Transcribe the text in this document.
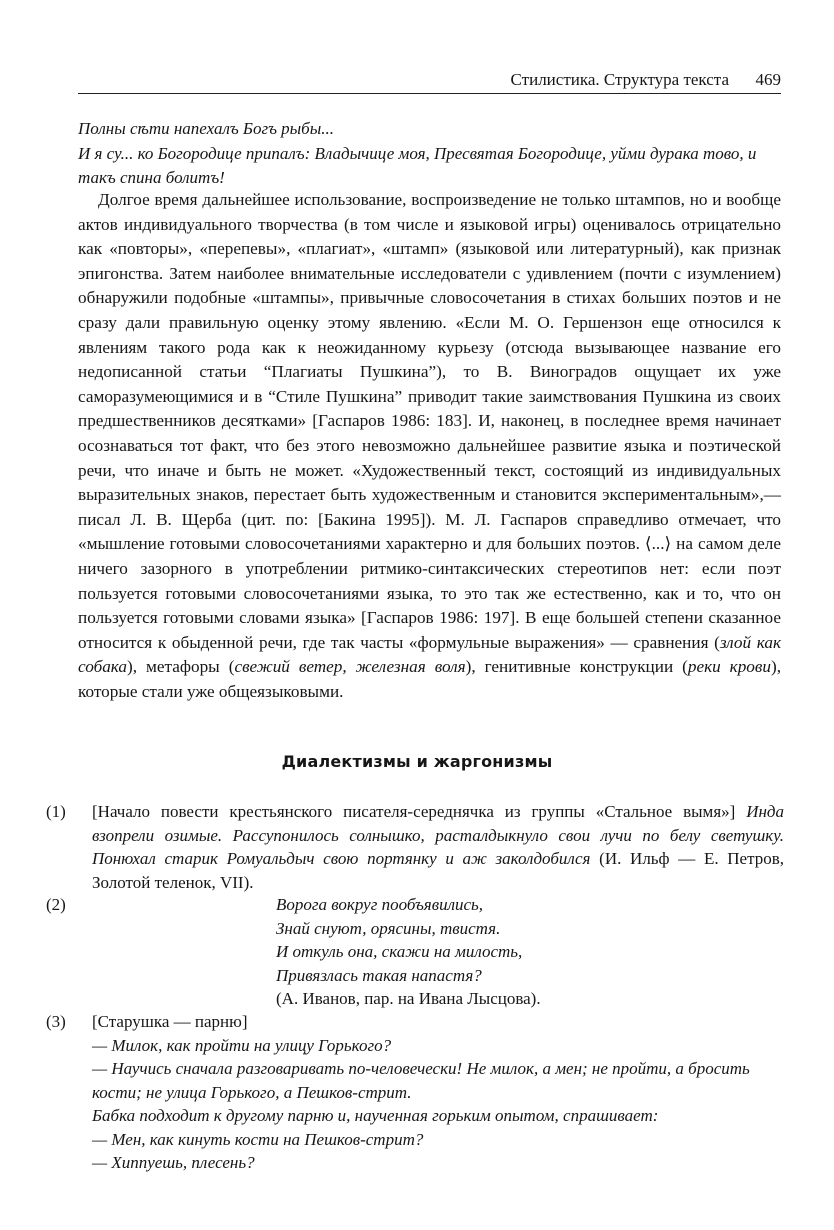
Стилистика. Структура текста 469

Полны сѣти напехалъ Богъ рыбы...

И я су... ко Богородице припалъ: Владычице моя, Пресвятая Богородице, уйми дурака тово, и такъ спина болитъ!

Долгое время дальнейшее использование, воспроизведение не только штампов, но и вообще актов индивидуального творчества (в том числе и языковой игры) оценивалось отрицательно как «повторы», «перепевы», «плагиат», «штамп» (языковой или литературный), как признак эпигонства. Затем наиболее внимательные исследователи с удивлением (почти с изумлением) обнаружили подобные «штампы», привычные словосочетания в стихах больших поэтов и не сразу дали правильную оценку этому явлению. «Если М. О. Гершензон еще относился к явлениям такого рода как к неожиданному курьезу (отсюда вызывающее название его недописанной статьи “Плагиаты Пушкина”), то В. Виноградов ощущает их уже саморазумеющимися и в “Стиле Пушкина” приводит такие заимствования Пушкина из своих предшественников десятками» [Гаспаров 1986: 183]. И, наконец, в последнее время начинает осознаваться тот факт, что без этого невозможно дальнейшее развитие языка и поэтической речи, что иначе и быть не может. «Художественный текст, состоящий из индивидуальных выразительных знаков, перестает быть художественным и становится экспериментальным»,— писал Л. В. Щерба (цит. по: [Бакина 1995]). М. Л. Гаспаров справедливо отмечает, что «мышление готовыми словосочетаниями характерно и для больших поэтов. ⟨...⟩ на самом деле ничего зазорного в употреблении ритмико-синтаксических стереотипов нет: если поэт пользуется готовыми словосочетаниями языка, то это так же естественно, как и то, что он пользуется готовыми словами языка» [Гаспаров 1986: 197]. В еще большей степени сказанное относится к обыденной речи, где так часты «формульные выражения» — сравнения (злой как собака), метафоры (свежий ветер, железная воля), генитивные конструкции (реки крови), которые стали уже общеязыковыми.

Диалектизмы и жаргонизмы
(1)	[Начало повести крестьянского писателя-середнячка из группы «Стальное вымя»] Инда взопрели озимые. Рассупонилось солнышко, расталдыкнуло свои лучи по белу светушку. Понюхал старик Ромуальдыч свою портянку и аж заколдобился (И. Ильф — Е. Петров, Золотой теленок, VII).

(2)	Ворога вокруг пообъявились,

Знай снуют, орясины, твистя.

И откуль она, скажи на милость,

Привязлась такая напастя?

(А. Иванов, пар. на Ивана Лысцова).

(3)	[Старушка — парню]

— Милок, как пройти на улицу Горького?

— Научись сначала разговаривать по-человечески! Не милок, а мен; не пройти, а бросить кости; не улица Горького, а Пешков-стрит.

Бабка подходит к другому парню и, наученная горьким опытом, спрашивает:

— Мен, как кинуть кости на Пешков-стрит?

— Хиппуешь, плесень?
